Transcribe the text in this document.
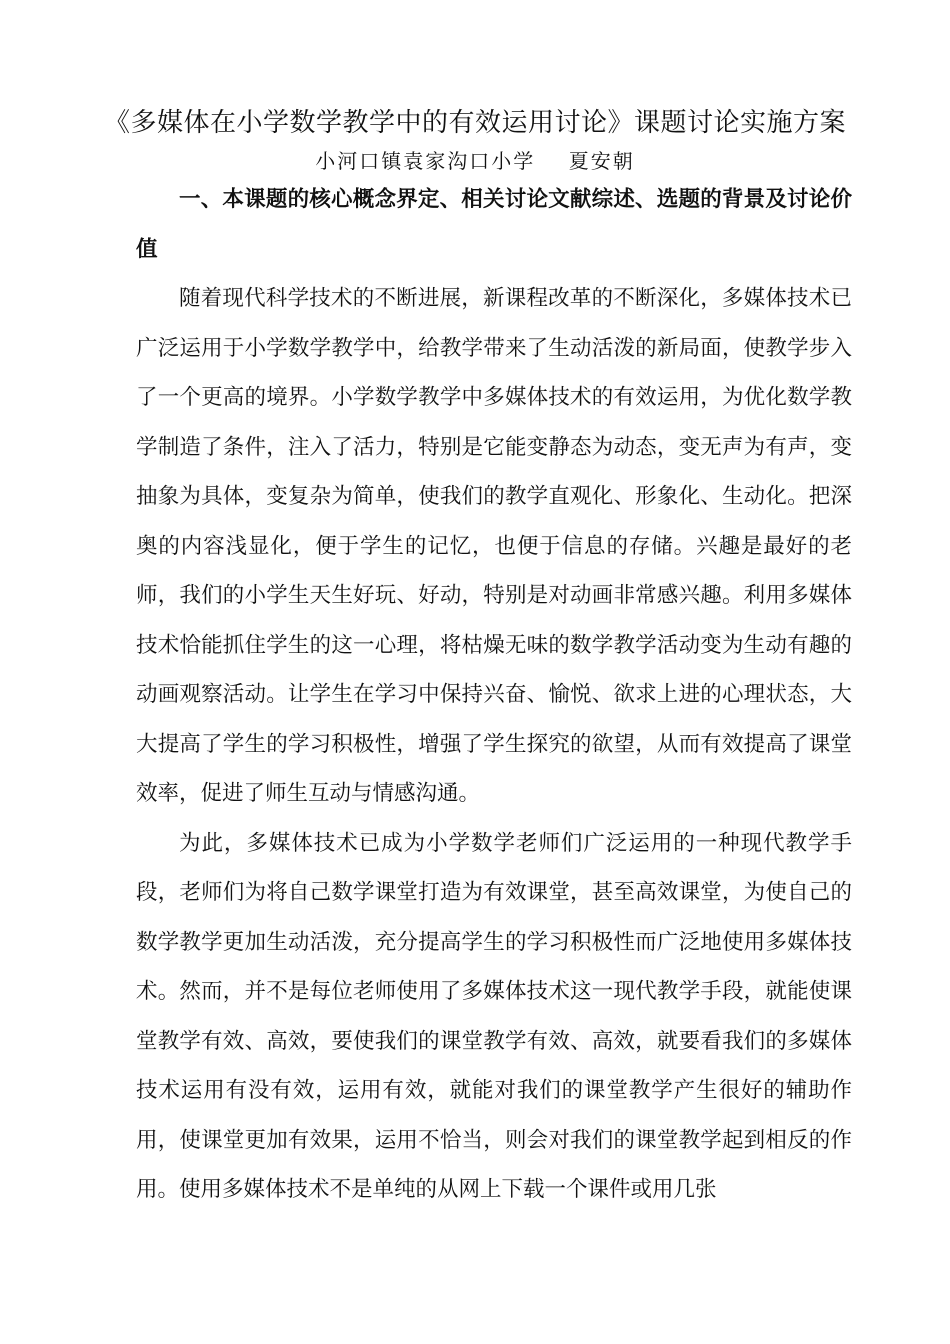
《多媒体在小学数学教学中的有效运用讨论》课题讨论实施方案
小河口镇袁家沟口小学    夏安朝
一、本课题的核心概念界定、相关讨论文献综述、选题的背景及讨论价值

随着现代科学技术的不断进展，新课程改革的不断深化，多媒体技术已广泛运用于小学数学教学中，给教学带来了生动活泼的新局面，使教学步入了一个更高的境界。小学数学教学中多媒体技术的有效运用，为优化数学教学制造了条件，注入了活力，特别是它能变静态为动态，变无声为有声，变抽象为具体，变复杂为简单，使我们的教学直观化、形象化、生动化。把深奥的内容浅显化，便于学生的记忆，也便于信息的存储。兴趣是最好的老师，我们的小学生天生好玩、好动，特别是对动画非常感兴趣。利用多媒体技术恰能抓住学生的这一心理，将枯燥无味的数学教学活动变为生动有趣的动画观察活动。让学生在学习中保持兴奋、愉悦、欲求上进的心理状态，大大提高了学生的学习积极性，增强了学生探究的欲望，从而有效提高了课堂效率，促进了师生互动与情感沟通。

为此，多媒体技术已成为小学数学老师们广泛运用的一种现代教学手段，老师们为将自己数学课堂打造为有效课堂，甚至高效课堂，为使自己的数学教学更加生动活泼，充分提高学生的学习积极性而广泛地使用多媒体技术。然而，并不是每位老师使用了多媒体技术这一现代教学手段，就能使课堂教学有效、高效，要使我们的课堂教学有效、高效，就要看我们的多媒体技术运用有没有效，运用有效，就能对我们的课堂教学产生很好的辅助作用，使课堂更加有效果，运用不恰当，则会对我们的课堂教学起到相反的作用。使用多媒体技术不是单纯的从网上下载一个课件或用几张
